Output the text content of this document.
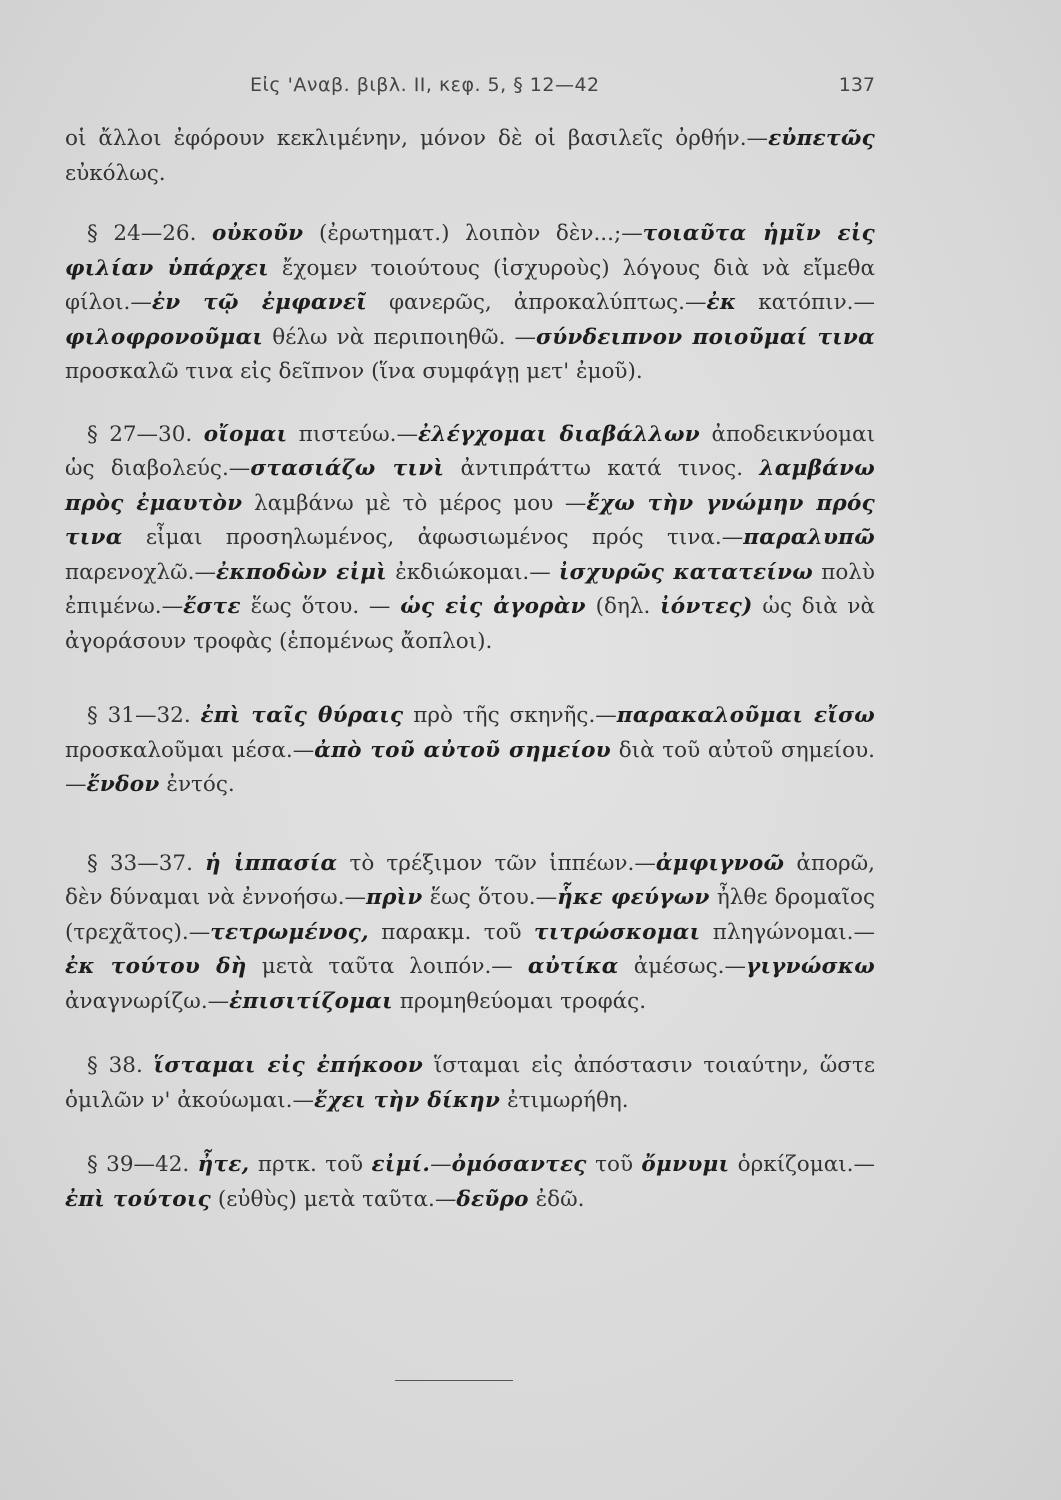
Εἰς 'Αναβ. βιβλ. ΙΙ, κεφ. 5, § 12—42	137

οἱ ἄλλοι ἐφόρουν κεκλιμένην, μόνον δὲ οἱ βασιλεῖς ὀρθήν.—εὐπετῶς εὐκόλως.

§ 24—26. οὐκοῦν (ἐρωτηματ.) λοιπὸν δὲν...;—τοιαῦτα ἡμῖν εἰς φιλίαν ὑπάρχει ἔχομεν τοιούτους (ἰσχυροὺς) λόγους διὰ νὰ εἴμεθα φίλοι.—ἐν τῷ ἐμφανεῖ φανερῶς, ἀπροκαλύπτως.—ἐκ κατόπιν.—φιλοφρονοῦμαι θέλω νὰ περιποιηθῶ. —σύνδειπνον ποιοῦμαί τινα προσκαλῶ τινα εἰς δεῖπνον (ἵνα συμφάγῃ μετ' ἐμοῦ).

§ 27—30. οἴομαι πιστεύω.—ἐλέγχομαι διαβάλλων ἀποδεικνύομαι ὡς διαβολεύς.—στασιάζω τινὶ ἀντιπράττω κατά τινος. λαμβάνω πρὸς ἐμαυτὸν λαμβάνω μὲ τὸ μέρος μου —ἔχω τὴν γνώμην πρός τινα εἶμαι προσηλωμένος, ἀφωσιωμένος πρός τινα.—παραλυπῶ παρενοχλῶ.—ἐκποδὼν εἰμὶ ἐκδιώκομαι.— ἰσχυρῶς κατατείνω πολὺ ἐπιμένω.—ἔστε ἕως ὅτου. — ὡς εἰς ἀγορὰν (δηλ. ἰόντες) ὡς διὰ νὰ ἀγοράσουν τροφὰς (ἑπομένως ἄοπλοι).

§ 31—32. ἐπὶ ταῖς θύραις πρὸ τῆς σκηνῆς.—παρακαλοῦμαι εἴσω προσκαλοῦμαι μέσα.—ἀπὸ τοῦ αὐτοῦ σημείου διὰ τοῦ αὐτοῦ σημείου.—ἔνδον ἐντός.

§ 33—37. ἡ ἱππασία τὸ τρέξιμον τῶν ἱππέων.—ἀμφιγνοῶ ἀπορῶ, δὲν δύναμαι νὰ ἐννοήσω.—πρὶν ἕως ὅτου.—ἧκε φεύγων ἦλθε δρομαῖος (τρεχᾶτος).—τετρωμένος, παρακμ. τοῦ τιτρώσκομαι πληγώνομαι.—ἐκ τούτου δὴ μετὰ ταῦτα λοιπόν.— αὐτίκα ἀμέσως.—γιγνώσκω ἀναγνωρίζω.—ἐπισιτίζομαι προμηθεύομαι τροφάς.

§ 38. ἵσταμαι εἰς ἐπήκοον ἵσταμαι εἰς ἀπόστασιν τοιαύτην, ὥστε ὁμιλῶν ν' ἀκούωμαι.—ἔχει τὴν δίκην ἐτιμωρήθη.

§ 39—42. ἦτε, πρτκ. τοῦ εἰμί.—ὀμόσαντες τοῦ ὄμνυμι ὁρκίζομαι.—ἐπὶ τούτοις (εὐθὺς) μετὰ ταῦτα.—δεῦρο ἐδῶ.
